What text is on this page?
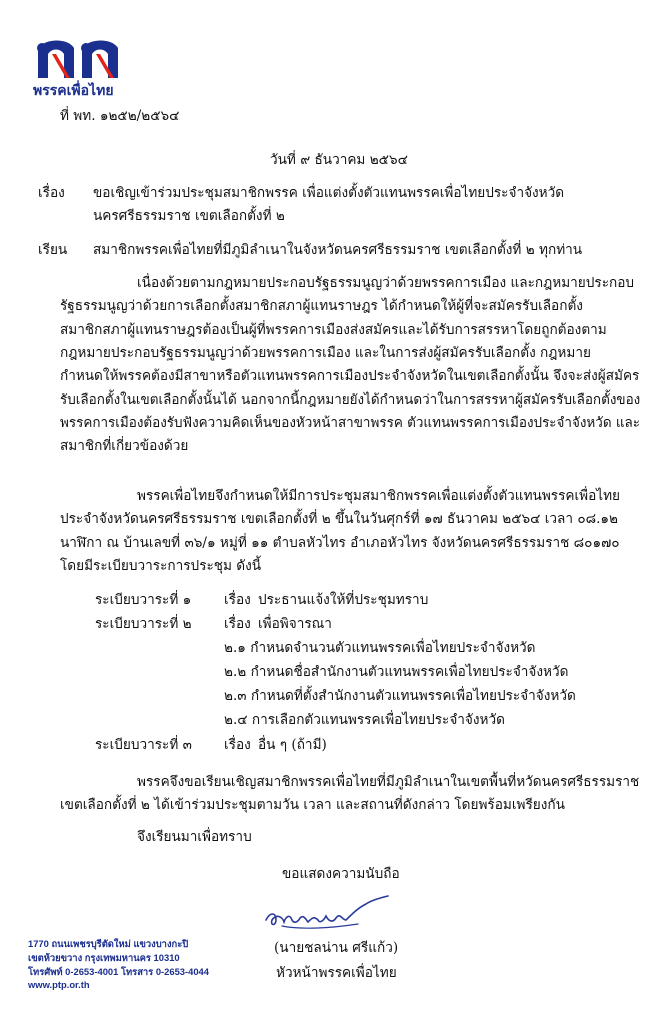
พรรคเพื่อไทย
ที่ พท. ๑๒๕๒/๒๕๖๔
วันที่ ๙ ธันวาคม ๒๕๖๔
เรื่อง ขอเชิญเข้าร่วมประชุมสมาชิกพรรค เพื่อแต่งตั้งตัวแทนพรรคเพื่อไทยประจำจังหวัด
นครศรีธรรมราช เขตเลือกตั้งที่ ๒
เรียน สมาชิกพรรคเพื่อไทยที่มีภูมิลำเนาในจังหวัดนครศรีธรรมราช เขตเลือกตั้งที่ ๒ ทุกท่าน
เนื่องด้วยตามกฎหมายประกอบรัฐธรรมนูญว่าด้วยพรรคการเมือง และกฎหมายประกอบ
รัฐธรรมนูญว่าด้วยการเลือกตั้งสมาชิกสภาผู้แทนราษฎร ได้กำหนดให้ผู้ที่จะสมัครรับเลือกตั้ง
สมาชิกสภาผู้แทนราษฎรต้องเป็นผู้ที่พรรคการเมืองส่งสมัครและได้รับการสรรหาโดยถูกต้องตาม
กฎหมายประกอบรัฐธรรมนูญว่าด้วยพรรคการเมือง และในการส่งผู้สมัครรับเลือกตั้ง กฎหมาย
กำหนดให้พรรคต้องมีสาขาหรือตัวแทนพรรคการเมืองประจำจังหวัดในเขตเลือกตั้งนั้น จึงจะส่งผู้สมัคร
รับเลือกตั้งในเขตเลือกตั้งนั้นได้ นอกจากนี้กฎหมายยังได้กำหนดว่าในการสรรหาผู้สมัครรับเลือกตั้งของ
พรรคการเมืองต้องรับฟังความคิดเห็นของหัวหน้าสาขาพรรค ตัวแทนพรรคการเมืองประจำจังหวัด และ
สมาชิกที่เกี่ยวข้องด้วย
พรรคเพื่อไทยจึงกำหนดให้มีการประชุมสมาชิกพรรคเพื่อแต่งตั้งตัวแทนพรรคเพื่อไทย
ประจำจังหวัดนครศรีธรรมราช เขตเลือกตั้งที่ ๒ ขึ้นในวันศุกร์ที่ ๑๗ ธันวาคม ๒๕๖๔ เวลา ๐๘.๑๒
นาฬิกา ณ บ้านเลขที่ ๓๖/๑ หมู่ที่ ๑๑ ตำบลหัวไทร อำเภอหัวไทร จังหวัดนครศรีธรรมราช ๘๐๑๗๐
โดยมีระเบียบวาระการประชุม ดังนี้
ระเบียบวาระที่ ๑ เรื่อง ประธานแจ้งให้ที่ประชุมทราบ
ระเบียบวาระที่ ๒ เรื่อง เพื่อพิจารณา
๒.๑ กำหนดจำนวนตัวแทนพรรคเพื่อไทยประจำจังหวัด
๒.๒ กำหนดชื่อสำนักงานตัวแทนพรรคเพื่อไทยประจำจังหวัด
๒.๓ กำหนดที่ตั้งสำนักงานตัวแทนพรรคเพื่อไทยประจำจังหวัด
๒.๔ การเลือกตัวแทนพรรคเพื่อไทยประจำจังหวัด
ระเบียบวาระที่ ๓ เรื่อง อื่น ๆ (ถ้ามี)
พรรคจึงขอเรียนเชิญสมาชิกพรรคเพื่อไทยที่มีภูมิลำเนาในเขตพื้นที่หวัดนครศรีธรรมราช
เขตเลือกตั้งที่ ๒ ได้เข้าร่วมประชุมตามวัน เวลา และสถานที่ดังกล่าว โดยพร้อมเพรียงกัน
จึงเรียนมาเพื่อทราบ
ขอแสดงความนับถือ
(นายชลน่าน ศรีแก้ว)
หัวหน้าพรรคเพื่อไทย
1770 ถนนเพชรบุรีตัดใหม่ แขวงบางกะปิ
เขตห้วยขวาง กรุงเทพมหานคร 10310
โทรศัพท์ 0-2653-4001 โทรสาร 0-2653-4044
www.ptp.or.th
